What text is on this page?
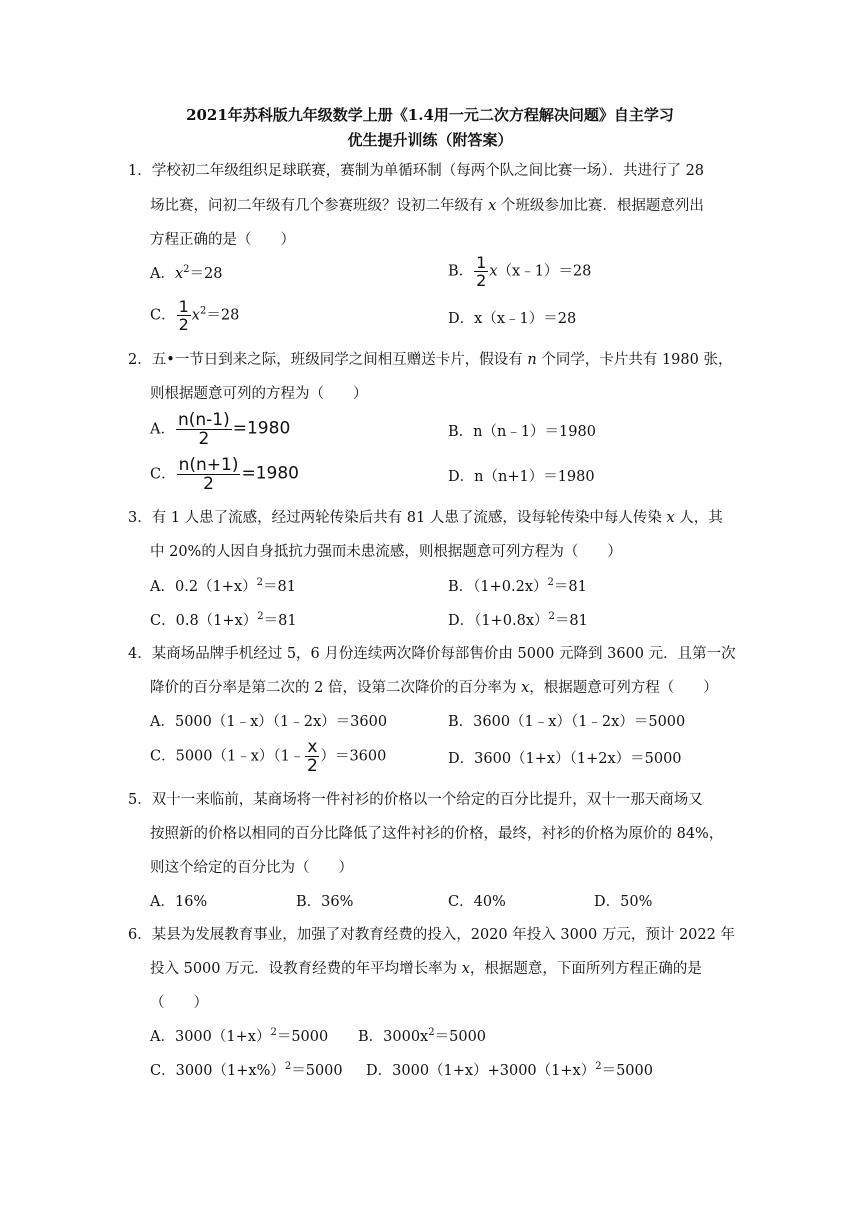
2021年苏科版九年级数学上册《1.4用一元二次方程解决问题》自主学习
优生提升训练（附答案）
1．学校初二年级组织足球联赛，赛制为单循环制（每两个队之间比赛一场）．共进行了 28
场比赛，问初二年级有几个参赛班级？设初二年级有 x 个班级参加比赛．根据题意列出
方程正确的是（　　）
A．$x^2=28$	B． $\frac{1}{2}$ x（x﹣1）＝28
C． $\frac{1}{2} x^2=28$	D．x（x﹣1）＝28
2．五•一节日到来之际，班级同学之间相互赠送卡片，假设有 n 个同学，卡片共有 1980 张，
则根据题意可列的方程为（　　）
A． $\frac{n(n-1)}{2} =1980$	B．n（n﹣1）＝1980
C． $\frac{n(n+1)}{2} =1980$	D．n（n+1）＝1980
3．有 1 人患了流感，经过两轮传染后共有 81 人患了流感，设每轮传染中每人传染 x 人，其
中 20%的人因自身抵抗力强而未患流感，则根据题意可列方程为（　　）
A．$0.2(1+x)^2=81$	B．$(1+0.2x)^2=81$
C．$0.8(1+x)^2=81$	D．$(1+0.8x)^2=81$
4．某商场品牌手机经过 5，6 月份连续两次降价每部售价由 5000 元降到 3600 元．且第一次
降价的百分率是第二次的 2 倍，设第二次降价的百分率为 x，根据题意可列方程（　　）
A．5000（1﹣x）（1﹣2x）＝3600	B．3600（1﹣x）（1﹣2x）＝5000
C．5000（1﹣x）（1﹣ $\frac{x}{2} )=3600$	D．3600（1+x）（1+2x）＝5000
5．双十一来临前，某商场将一件衬衫的价格以一个给定的百分比提升，双十一那天商场又
按照新的价格以相同的百分比降低了这件衬衫的价格，最终，衬衫的价格为原价的 84%，
则这个给定的百分比为（　　）
A．16%	B．36%	C．40%	D．50%
6．某县为发展教育事业，加强了对教育经费的投入，2020 年投入 3000 万元，预计 2022 年
投入 5000 万元．设教育经费的年平均增长率为 x，根据题意，下面所列方程正确的是
（　　）
A．$3000(1+x)^2=5000$ B．$3000x^2=5000$
C．$3000(1+x\%)^2=5000$ D．$3000(1+x)+3000(1+x)^2=5000$
